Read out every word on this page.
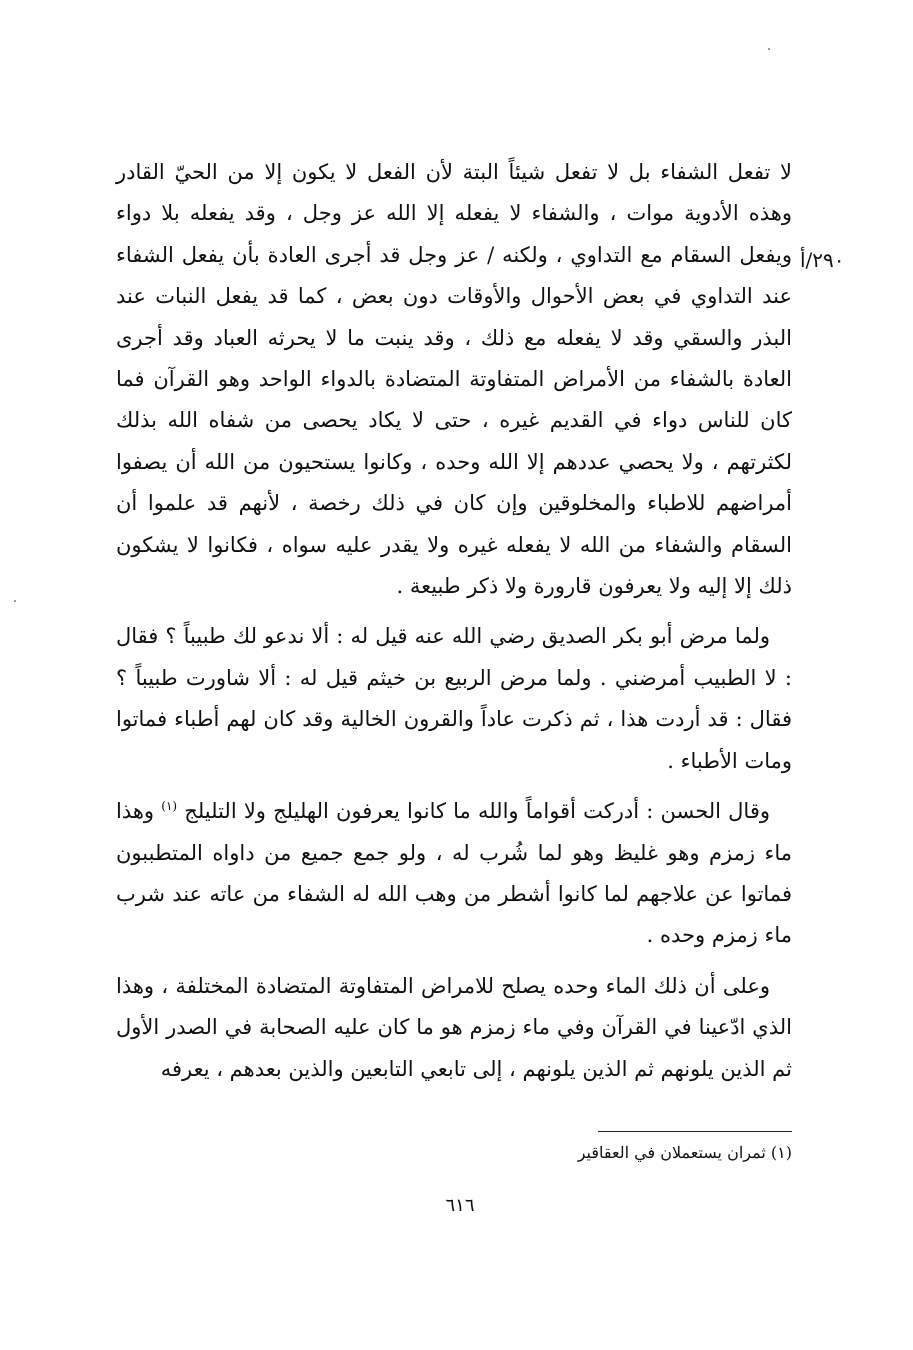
٢٩٠/أ

لا تفعل الشفاء بل لا تفعل شيئاً البتة لأن الفعل لا يكون إلا من الحيّ القادر وهذه الأدوية موات ، والشفاء لا يفعله إلا الله عز وجل ، وقد يفعله بلا دواء ويفعل السقام مع التداوي ، ولكنه / عز وجل قد أجرى العادة بأن يفعل الشفاء عند التداوي في بعض الأحوال والأوقات دون بعض ، كما قد يفعل النبات عند البذر والسقي وقد لا يفعله مع ذلك ، وقد ينبت ما لا يحرثه العباد وقد أجرى العادة بالشفاء من الأمراض المتفاوتة المتضادة بالدواء الواحد وهو القرآن فما كان للناس دواء في القديم غيره ، حتى لا يكاد يحصى من شفاه الله بذلك لكثرتهم ، ولا يحصي عددهم إلا الله وحده ، وكانوا يستحيون من الله أن يصفوا أمراضهم للاطباء والمخلوقين وإن كان في ذلك رخصة ، لأنهم قد علموا أن السقام والشفاء من الله لا يفعله غيره ولا يقدر عليه سواه ، فكانوا لا يشكون ذلك إلا إليه ولا يعرفون قارورة ولا ذكر طبيعة .

ولما مرض أبو بكر الصديق رضي الله عنه قيل له : ألا ندعو لك طبيباً ؟ فقال : لا الطبيب أمرضني . ولما مرض الربيع بن خيثم قيل له : ألا شاورت طبيباً ؟ فقال : قد أردت هذا ، ثم ذكرت عاداً والقرون الخالية وقد كان لهم أطباء فماتوا ومات الأطباء .

وقال الحسن : أدركت أقواماً والله ما كانوا يعرفون الهليلج ولا التليلج $^{(١)}$ وهذا ماء زمزم وهو غليظ وهو لما شُرب له ، ولو جمع جميع من داواه المتطببون فماتوا عن علاجهم لما كانوا أشطر من وهب الله له الشفاء من عاته عند شرب ماء زمزم وحده .

وعلى أن ذلك الماء وحده يصلح للامراض المتفاوتة المتضادة المختلفة ، وهذا الذي ادّعينا في القرآن وفي ماء زمزم هو ما كان عليه الصحابة في الصدر الأول ثم الذين يلونهم ثم الذين يلونهم ، إلى تابعي التابعين والذين بعدهم ، يعرفه

(١) ثمران يستعملان في العقاقير
٦١٦
